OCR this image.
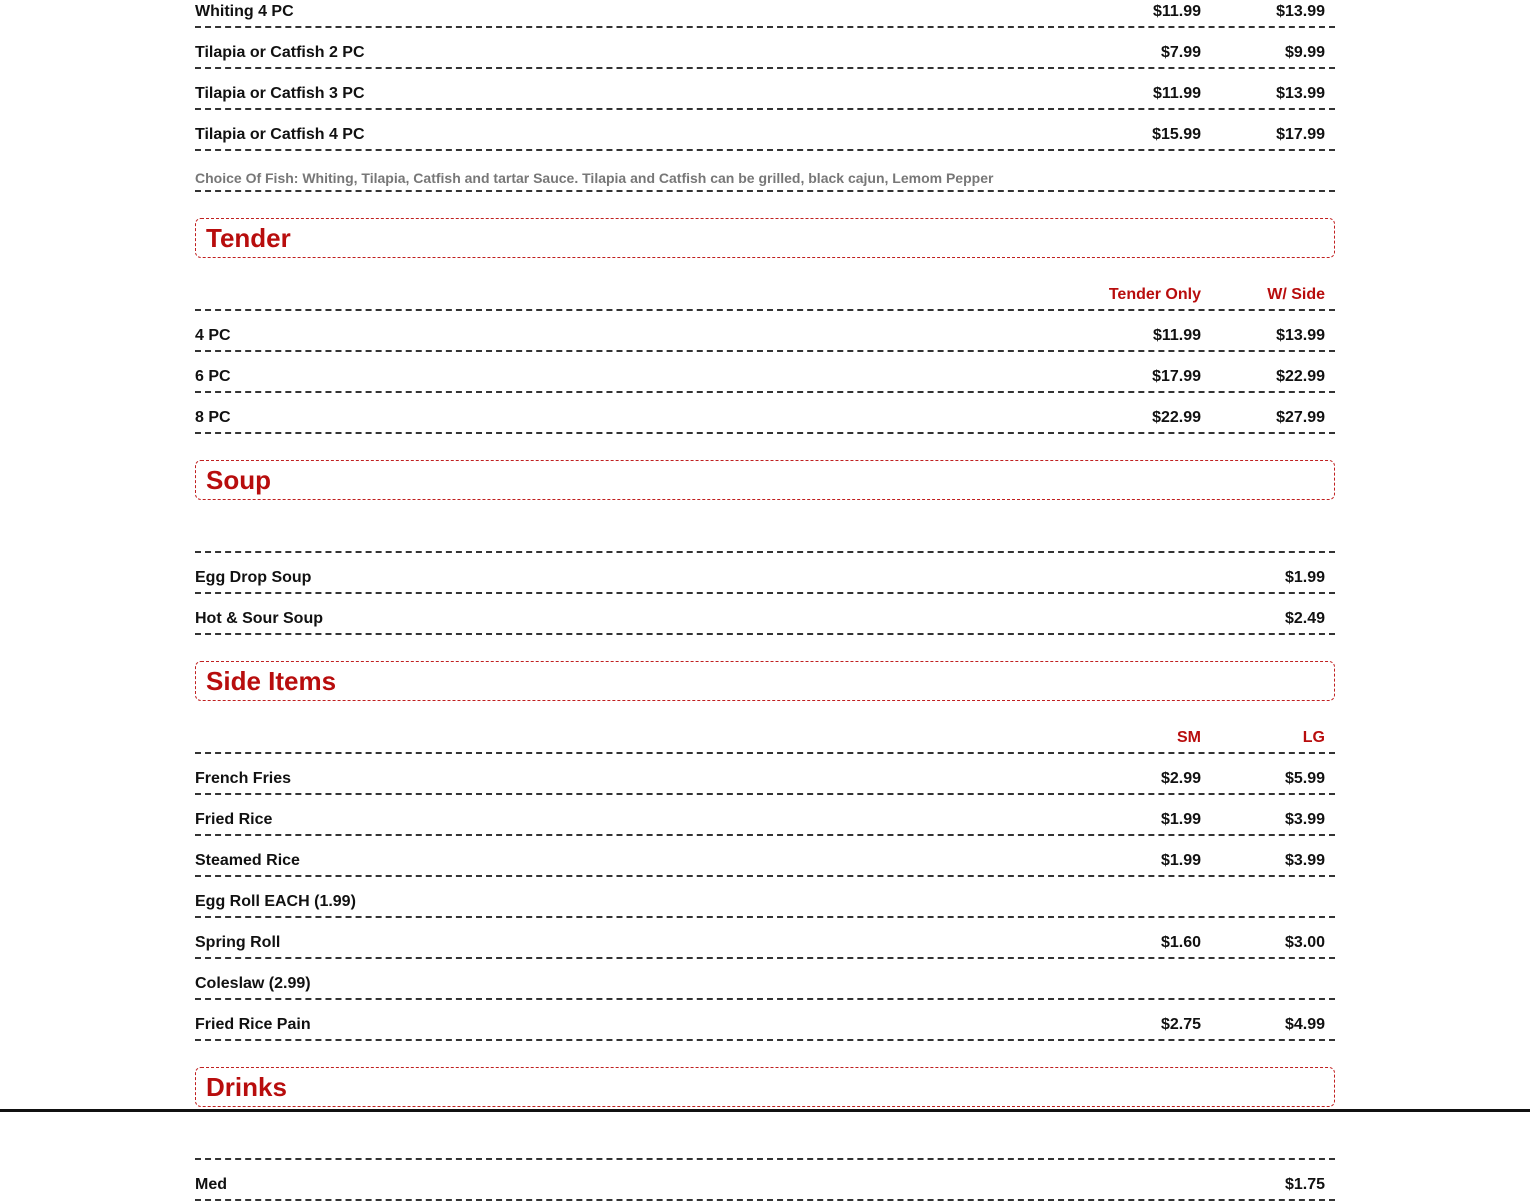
Whiting 4 PC	$11.99	$13.99
Tilapia or Catfish 2 PC	$7.99	$9.99
Tilapia or Catfish 3 PC	$11.99	$13.99
Tilapia or Catfish 4 PC	$15.99	$17.99
Choice Of Fish: Whiting, Tilapia, Catfish and tartar Sauce. Tilapia and Catfish can be grilled, black cajun, Lemom Pepper
Tender
Tender Only	W/ Side
4 PC	$11.99	$13.99
6 PC	$17.99	$22.99
8 PC	$22.99	$27.99
Soup
Egg Drop Soup	$1.99
Hot & Sour Soup	$2.49
Side Items
SM	LG
French Fries	$2.99	$5.99
Fried Rice	$1.99	$3.99
Steamed Rice	$1.99	$3.99
Egg Roll EACH (1.99)
Spring Roll	$1.60	$3.00
Coleslaw (2.99)
Fried Rice Pain	$2.75	$4.99
Drinks
Med	$1.75
